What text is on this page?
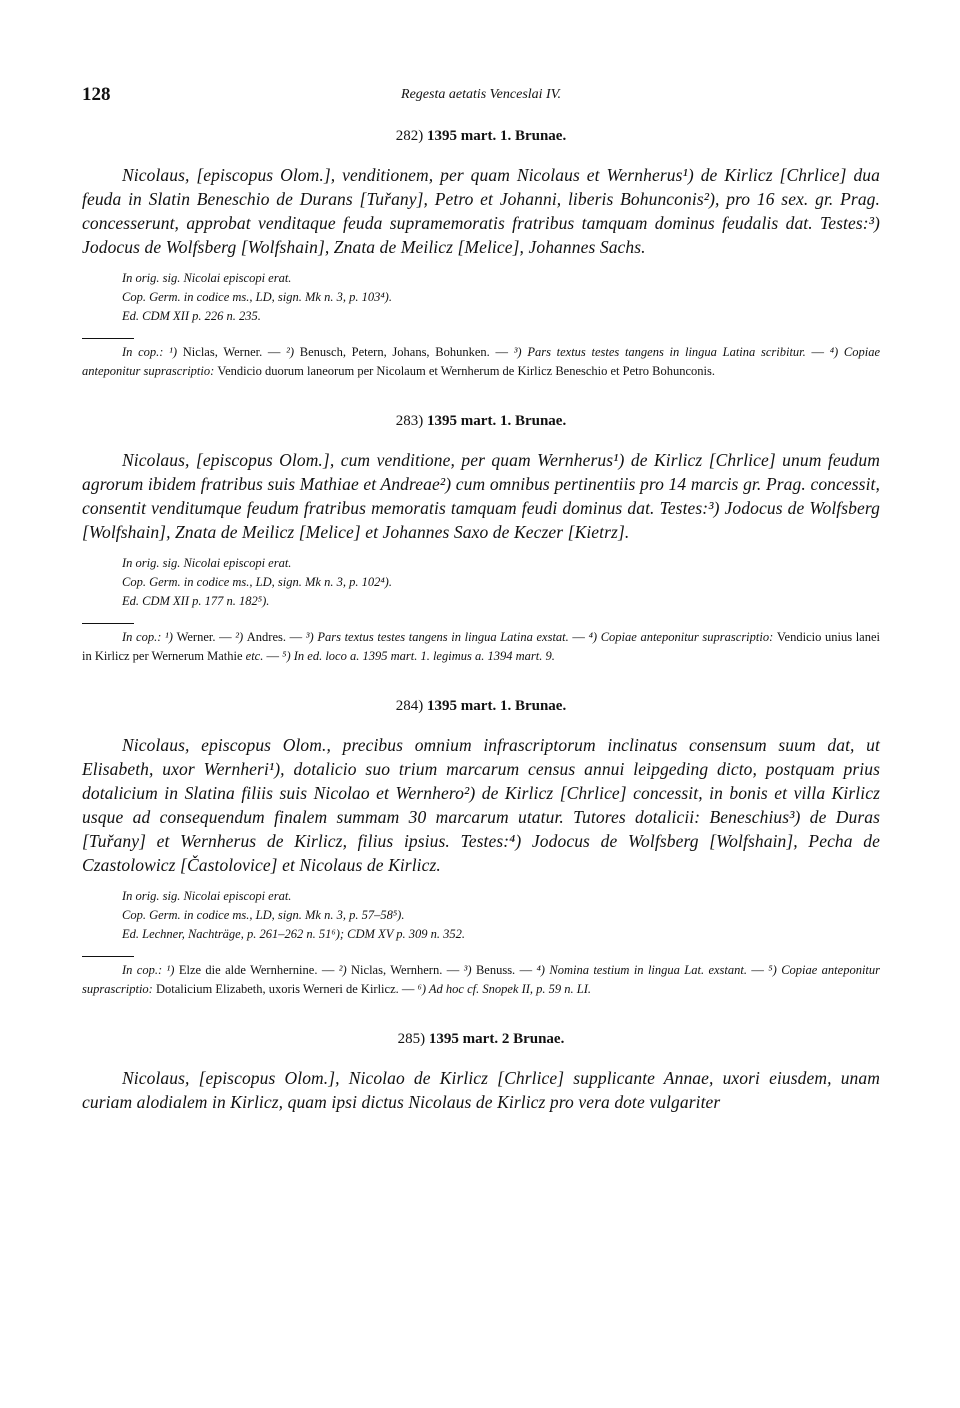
128	Regesta aetatis Venceslai IV.
282) 1395 mart. 1. Brunae.

Nicolaus, [episcopus Olom.], venditionem, per quam Nicolaus et Wernherus¹) de Kirlicz [Chrlice] dua feuda in Slatin Beneschio de Durans [Tuřany], Petro et Johanni, liberis Bohunconis²), pro 16 sex. gr. Prag. concesserunt, approbat venditaque feuda supramemoratis fratribus tamquam dominus feudalis dat. Testes:³) Jodocus de Wolfsberg [Wolfshain], Znata de Meilicz [Melice], Johannes Sachs.

In orig. sig. Nicolai episcopi erat.
Cop. Germ. in codice ms., LD, sign. Mk n. 3, p. 103⁴).
Ed. CDM XII p. 226 n. 235.

In cop.: ¹) Niclas, Werner. — ²) Benusch, Petern, Johans, Bohunken. — ³) Pars textus testes tangens in lingua Latina scribitur. — ⁴) Copiae anteponitur suprascriptio: Vendicio duorum laneorum per Nicolaum et Wernherum de Kirlicz Beneschio et Petro Bohunconis.

283) 1395 mart. 1. Brunae.

Nicolaus, [episcopus Olom.], cum venditione, per quam Wernherus¹) de Kirlicz [Chrlice] unum feudum agrorum ibidem fratribus suis Mathiae et Andreae²) cum omnibus pertinentiis pro 14 marcis gr. Prag. concessit, consentit venditumque feudum fratribus memoratis tamquam feudi dominus dat. Testes:³) Jodocus de Wolfsberg [Wolfshain], Znata de Meilicz [Melice] et Johannes Saxo de Keczer [Kietrz].

In orig. sig. Nicolai episcopi erat.
Cop. Germ. in codice ms., LD, sign. Mk n. 3, p. 102⁴).
Ed. CDM XII p. 177 n. 182⁵).

In cop.: ¹) Werner. — ²) Andres. — ³) Pars textus testes tangens in lingua Latina exstat. — ⁴) Copiae anteponitur suprascriptio: Vendicio unius lanei in Kirlicz per Wernerum Mathie etc. — ⁵) In ed. loco a. 1395 mart. 1. legimus a. 1394 mart. 9.

284) 1395 mart. 1. Brunae.

Nicolaus, episcopus Olom., precibus omnium infrascriptorum inclinatus consensum suum dat, ut Elisabeth, uxor Wernheri¹), dotalicio suo trium marcarum census annui leipgeding dicto, postquam prius dotalicium in Slatina filiis suis Nicolao et Wernhero²) de Kirlicz [Chrlice] concessit, in bonis et villa Kirlicz usque ad consequendum finalem summam 30 marcarum utatur. Tutores dotalicii: Beneschius³) de Duras [Tuřany] et Wernherus de Kirlicz, filius ipsius. Testes:⁴) Jodocus de Wolfsberg [Wolfshain], Pecha de Czastolowicz [Častolovice] et Nicolaus de Kirlicz.

In orig. sig. Nicolai episcopi erat.
Cop. Germ. in codice ms., LD, sign. Mk n. 3, p. 57–58⁵).
Ed. Lechner, Nachträge, p. 261–262 n. 51⁶); CDM XV p. 309 n. 352.

In cop.: ¹) Elze die alde Wernhernine. — ²) Niclas, Wernhern. — ³) Benuss. — ⁴) Nomina testium in lingua Lat. exstant. — ⁵) Copiae anteponitur suprascriptio: Dotalicium Elizabeth, uxoris Werneri de Kirlicz. — ⁶) Ad hoc cf. Snopek II, p. 59 n. LI.

285) 1395 mart. 2 Brunae.

Nicolaus, [episcopus Olom.], Nicolao de Kirlicz [Chrlice] supplicante Annae, uxori eiusdem, unam curiam alodialem in Kirlicz, quam ipsi dictus Nicolaus de Kirlicz pro vera dote vulgariter
